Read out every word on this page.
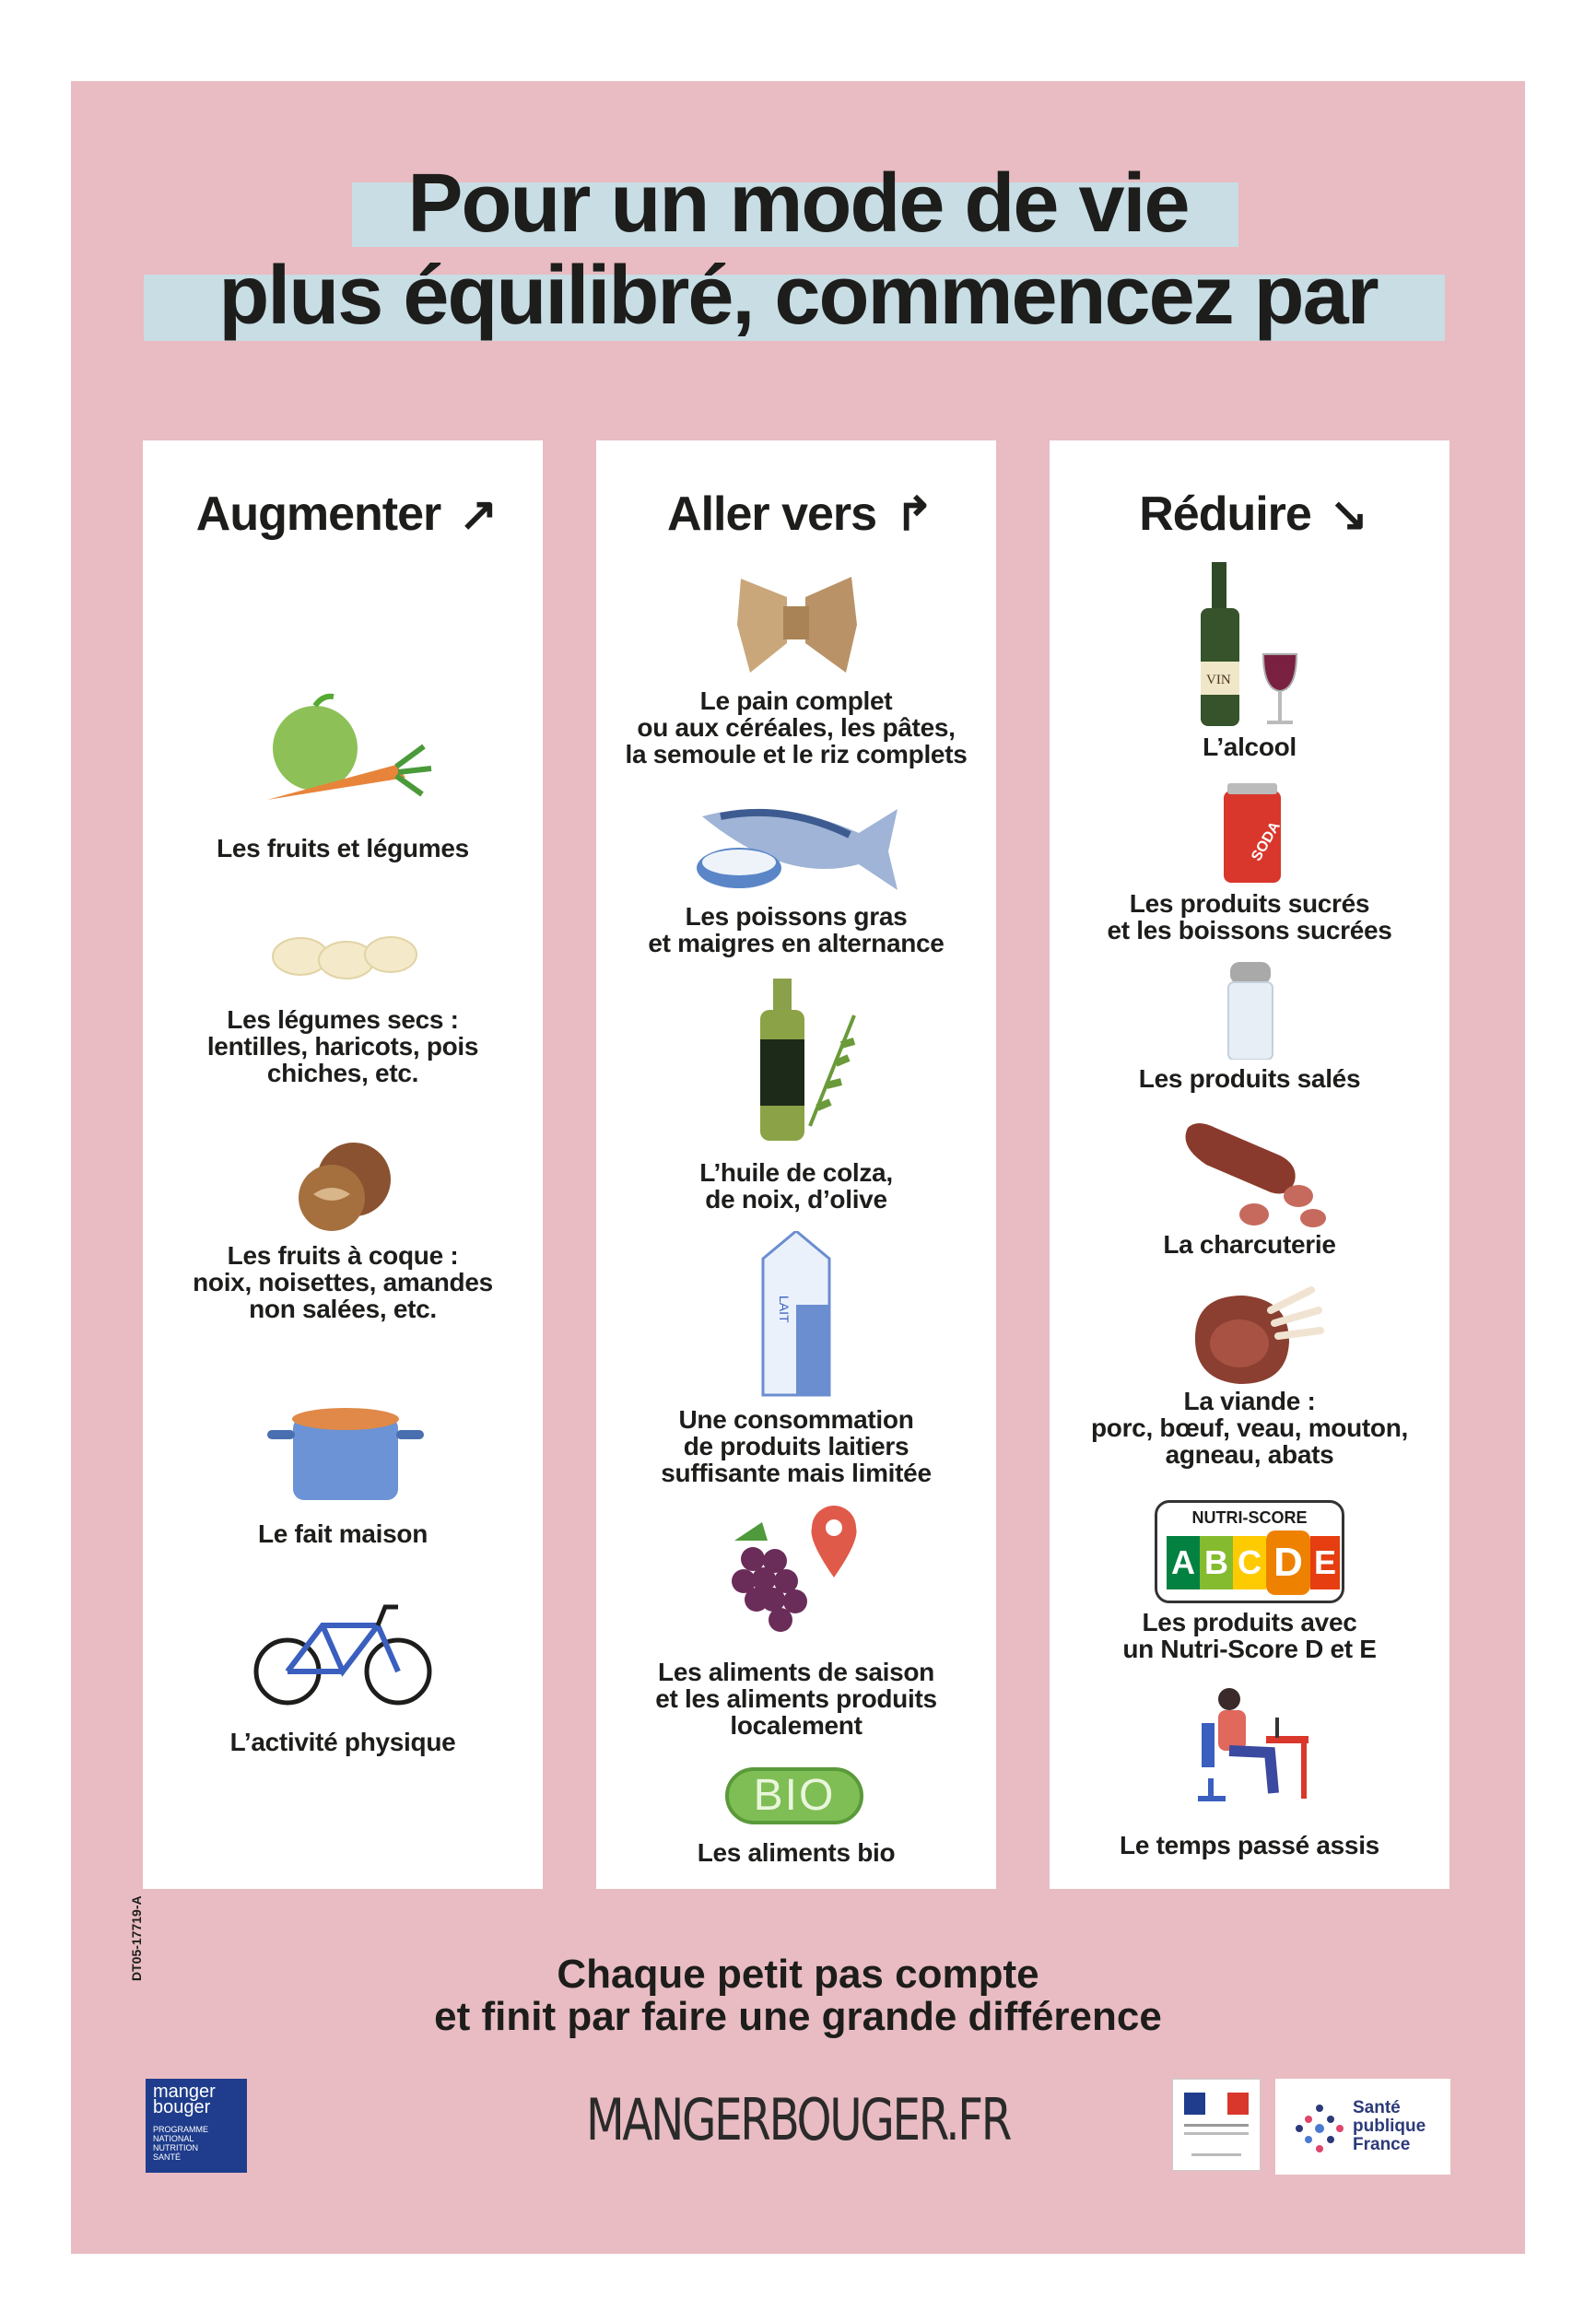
Pour un mode de vie
plus équilibré, commencez par
Augmenter ↗
Les fruits et légumes
Les légumes secs :
lentilles, haricots, pois
chiches, etc.
Les fruits à coque :
noix, noisettes, amandes
non salées, etc.
Le fait maison
L’activité physique
Aller vers ↱
Le pain complet
ou aux céréales, les pâtes,
la semoule et le riz complets
Les poissons gras
et maigres en alternance
L’huile de colza,
de noix, d’olive
LAIT
Une consommation
de produits laitiers
suffisante mais limitée
Les aliments de saison
et les aliments produits
localement
BIO
Les aliments bio
Réduire ↘
VIN
L’alcool
SODA
Les produits sucrés
et les boissons sucrées
Les produits salés
La charcuterie
La viande :
porc, bœuf, veau, mouton,
agneau, abats
NUTRI-SCORE
A B C D E
Les produits avec
un Nutri-Score D et E
Le temps passé assis
DT05-17719-A	Chaque petit pas compte
et finit par faire une grande différence
MANGERBOUGER.FR
manger bouger
PROGRAMME
NATIONAL
NUTRITION
SANTÉ
Santé
publique
France
